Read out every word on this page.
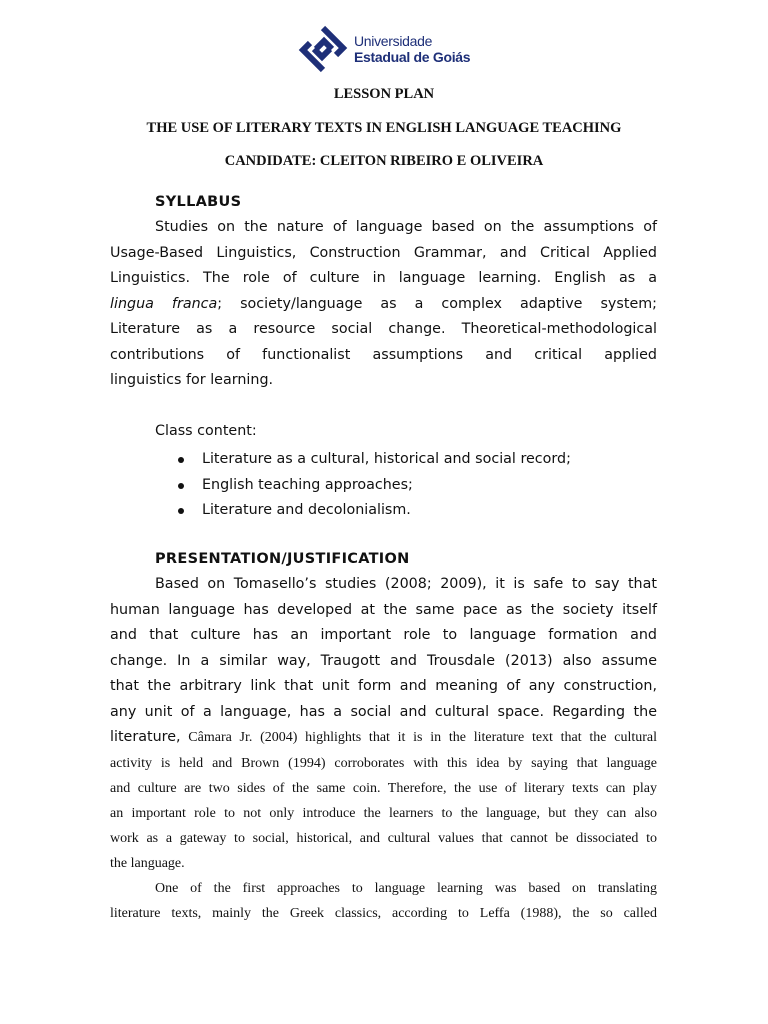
Universidade
Estadual de Goiás
LESSON PLAN
THE USE OF LITERARY TEXTS IN ENGLISH LANGUAGE TEACHING
CANDIDATE: CLEITON RIBEIRO E OLIVEIRA
SYLLABUS
Studies on the nature of language based on the assumptions of
Usage-Based Linguistics, Construction Grammar, and Critical Applied
Linguistics. The role of culture in language learning. English as a
lingua franca; society/language as a complex adaptive system;
Literature as a resource social change. Theoretical-methodological
contributions of functionalist assumptions and critical applied
linguistics for learning.
Class content:
Literature as a cultural, historical and social record;
English teaching approaches;
Literature and decolonialism.
PRESENTATION/JUSTIFICATION
Based on Tomasello’s studies (2008; 2009), it is safe to say that
human language has developed at the same pace as the society itself
and that culture has an important role to language formation and
change. In a similar way, Traugott and Trousdale (2013) also assume
that the arbitrary link that unit form and meaning of any construction,
any unit of a language, has a social and cultural space. Regarding the
literature, Câmara Jr. (2004) highlights that it is in the literature text that the cultural
activity is held and Brown (1994) corroborates with this idea by saying that language
and culture are two sides of the same coin. Therefore, the use of literary texts can play
an important role to not only introduce the learners to the language, but they can also
work as a gateway to social, historical, and cultural values that cannot be dissociated to
the language.
One of the first approaches to language learning was based on translating
literature texts, mainly the Greek classics, according to Leffa (1988), the so called
